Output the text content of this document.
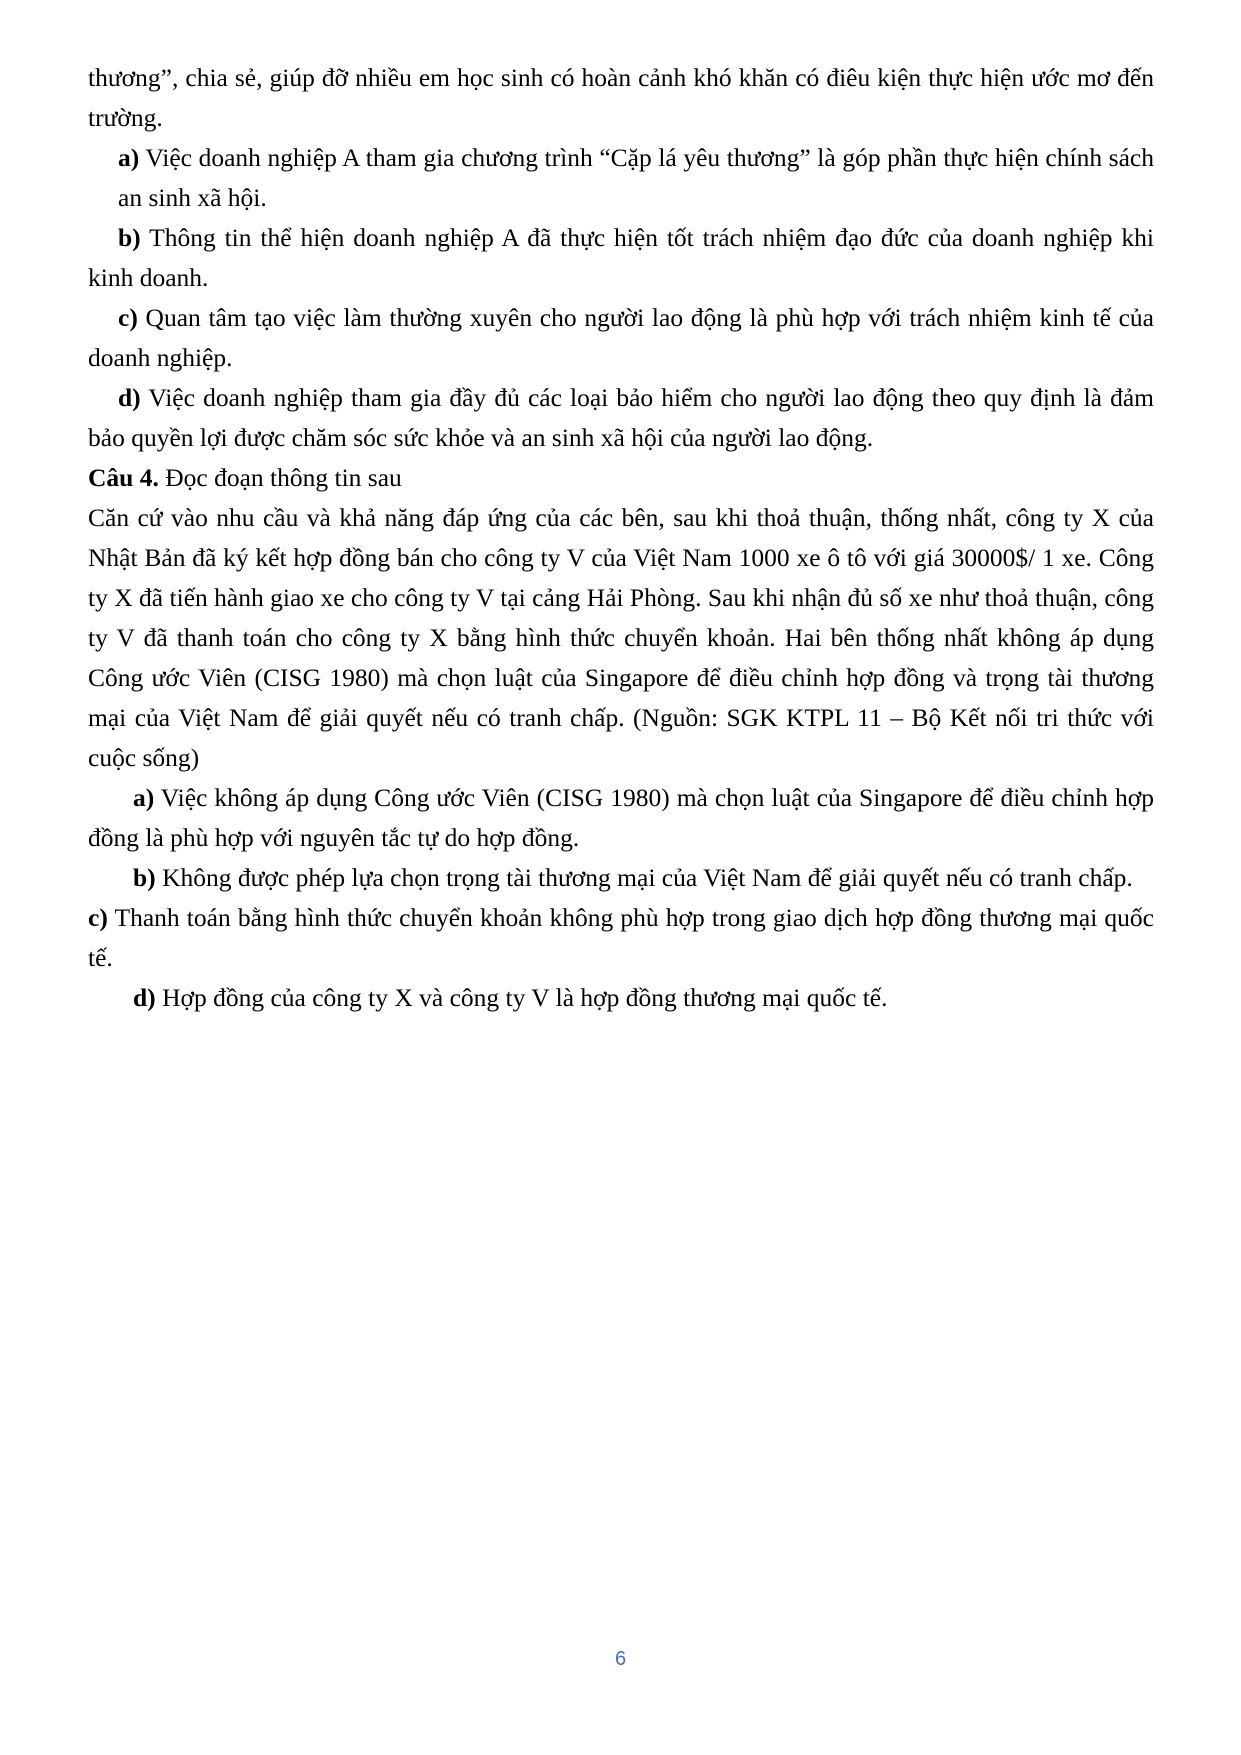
thương”, chia sẻ, giúp đỡ nhiều em học sinh có hoàn cảnh khó khăn có điêu kiện thực hiện ước mơ đến trường.

a) Việc doanh nghiệp A tham gia chương trình “Cặp lá yêu thương” là góp phần thực hiện chính sách an sinh xã hội.

b) Thông tin thể hiện doanh nghiệp A đã thực hiện tốt trách nhiệm đạo đức của doanh nghiệp khi kinh doanh.

c) Quan tâm tạo việc làm thường xuyên cho người lao động là phù hợp với trách nhiệm kinh tế của doanh nghiệp.

d) Việc doanh nghiệp tham gia đầy đủ các loại bảo hiểm cho người lao động theo quy định là đảm bảo quyền lợi được chăm sóc sức khỏe và an sinh xã hội của người lao động.

Câu 4. Đọc đoạn thông tin sau

Căn cứ vào nhu cầu và khả năng đáp ứng của các bên, sau khi thoả thuận, thống nhất, công ty X của Nhật Bản đã ký kết hợp đồng bán cho công ty V của Việt Nam 1000 xe ô tô với giá 30000$/ 1 xe. Công ty X đã tiến hành giao xe cho công ty V tại cảng Hải Phòng. Sau khi nhận đủ số xe như thoả thuận, công ty V đã thanh toán cho công ty X bằng hình thức chuyển khoản. Hai bên thống nhất không áp dụng Công ước Viên (CISG 1980) mà chọn luật của Singapore để điều chỉnh hợp đồng và trọng tài thương mại của Việt Nam để giải quyết nếu có tranh chấp. (Nguồn: SGK KTPL 11 – Bộ Kết nối tri thức với cuộc sống)

a) Việc không áp dụng Công ước Viên (CISG 1980) mà chọn luật của Singapore để điều chỉnh hợp đồng là phù hợp với nguyên tắc tự do hợp đồng.

b) Không được phép lựa chọn trọng tài thương mại của Việt Nam để giải quyết nếu có tranh chấp.

c) Thanh toán bằng hình thức chuyển khoản không phù hợp trong giao dịch hợp đồng thương mại quốc tế.

d) Hợp đồng của công ty X và công ty V là hợp đồng thương mại quốc tế.

6
